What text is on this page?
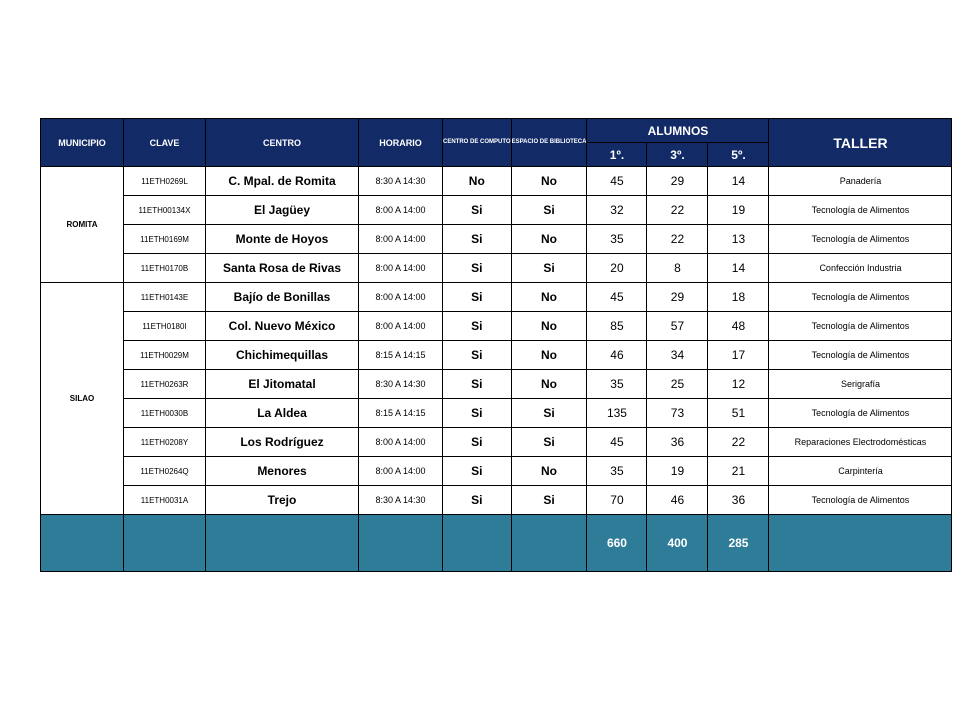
MUNICIPIO	CLAVE	CENTRO	HORARIO	CENTRO DE COMPUTO	ESPACIO DE BIBLIOTECA	ALUMNOS			TALLER
						1º.	3º.	5º.	
ROMITA	11ETH0269L	C. Mpal. de Romita	8:30 A 14:30	No	No	45	29	14	Panadería
	11ETH00134X	El Jagüey	8:00 A 14:00	Si	Si	32	22	19	Tecnología de Alimentos
	11ETH0169M	Monte de Hoyos	8:00 A 14:00	Si	No	35	22	13	Tecnología de Alimentos
	11ETH0170B	Santa Rosa de Rivas	8:00 A 14:00	Si	Si	20	8	14	Confección Industria
SILAO	11ETH0143E	Bajío de Bonillas	8:00 A 14:00	Si	No	45	29	18	Tecnología de Alimentos
	11ETH0180I	Col. Nuevo México	8:00 A 14:00	Si	No	85	57	48	Tecnología de Alimentos
	11ETH0029M	Chichimequillas	8:15 A 14:15	Si	No	46	34	17	Tecnología de Alimentos
	11ETH0263R	El Jitomatal	8:30 A 14:30	Si	No	35	25	12	Serigrafía
	11ETH0030B	La Aldea	8:15 A 14:15	Si	Si	135	73	51	Tecnología de Alimentos
	11ETH0208Y	Los Rodríguez	8:00 A 14:00	Si	Si	45	36	22	Reparaciones Electrodomésticas
	11ETH0264Q	Menores	8:00 A 14:00	Si	No	35	19	21	Carpintería
	11ETH0031A	Trejo	8:30 A 14:30	Si	Si	70	46	36	Tecnología de Alimentos
						660	400	285	
